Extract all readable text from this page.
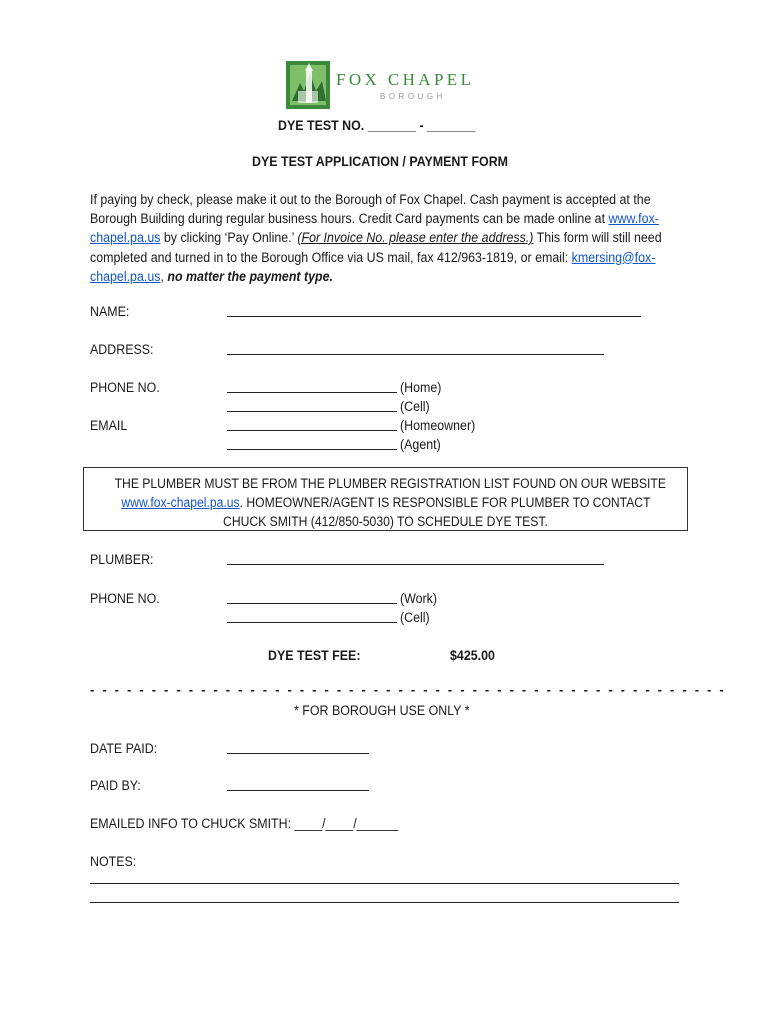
FOX CHAPEL
BOROUGH
DYE TEST NO. _______ - _______
DYE TEST APPLICATION / PAYMENT FORM
If paying by check, please make it out to the Borough of Fox Chapel. Cash payment is accepted at the Borough Building during regular business hours. Credit Card payments can be made online at www.fox-chapel.pa.us by clicking ‘Pay Online.’ (For Invoice No. please enter the address.) This form will still need completed and turned in to the Borough Office via US mail, fax 412/963-1819, or email: kmersing@fox-chapel.pa.us, no matter the payment type.
NAME:
ADDRESS:
PHONE NO.	(Home)
(Cell)
EMAIL	(Homeowner)
(Agent)
THE PLUMBER MUST BE FROM THE PLUMBER REGISTRATION LIST FOUND ON OUR WEBSITE
www.fox-chapel.pa.us. HOMEOWNER/AGENT IS RESPONSIBLE FOR PLUMBER TO CONTACT
CHUCK SMITH (412/850-5030) TO SCHEDULE DYE TEST.
PLUMBER:
PHONE NO.	(Work)
(Cell)
DYE TEST FEE:	$425.00
- - - - - - - - - - - - - - - - - - - - - - - - - - - - - - - - - - - - - - - - - - - - - - - - - - - -
* FOR BOROUGH USE ONLY *
DATE PAID:
PAID BY:
EMAILED INFO TO CHUCK SMITH: ____/____/______
NOTES:
